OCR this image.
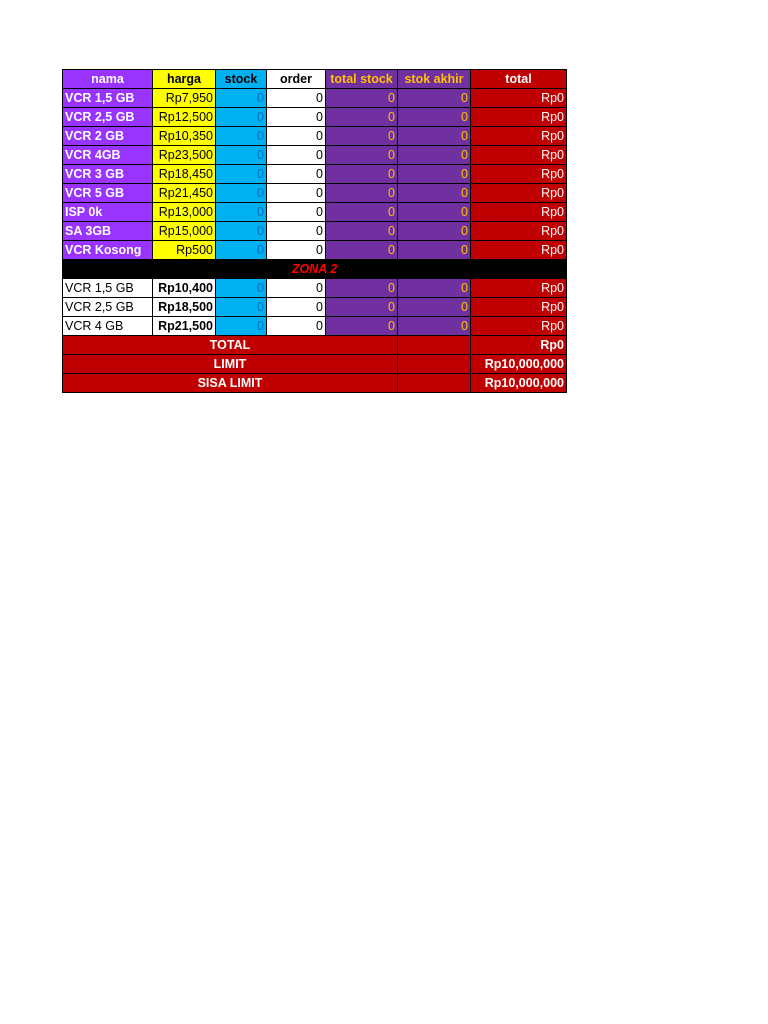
nama	harga	stock	order	total stock	stok akhir	total
VCR 1,5 GB	Rp7,950	0	0	0	0	Rp0
VCR 2,5 GB	Rp12,500	0	0	0	0	Rp0
VCR 2 GB	Rp10,350	0	0	0	0	Rp0
VCR 4GB	Rp23,500	0	0	0	0	Rp0
VCR 3 GB	Rp18,450	0	0	0	0	Rp0
VCR 5 GB	Rp21,450	0	0	0	0	Rp0
ISP 0k	Rp13,000	0	0	0	0	Rp0
SA 3GB	Rp15,000	0	0	0	0	Rp0
VCR Kosong	Rp500	0	0	0	0	Rp0
ZONA 2						
VCR 1,5 GB	Rp10,400	0	0	0	0	Rp0
VCR 2,5 GB	Rp18,500	0	0	0	0	Rp0
VCR 4 GB	Rp21,500	0	0	0	0	Rp0
TOTAL						Rp0
LIMIT						Rp10,000,000
SISA LIMIT						Rp10,000,000
